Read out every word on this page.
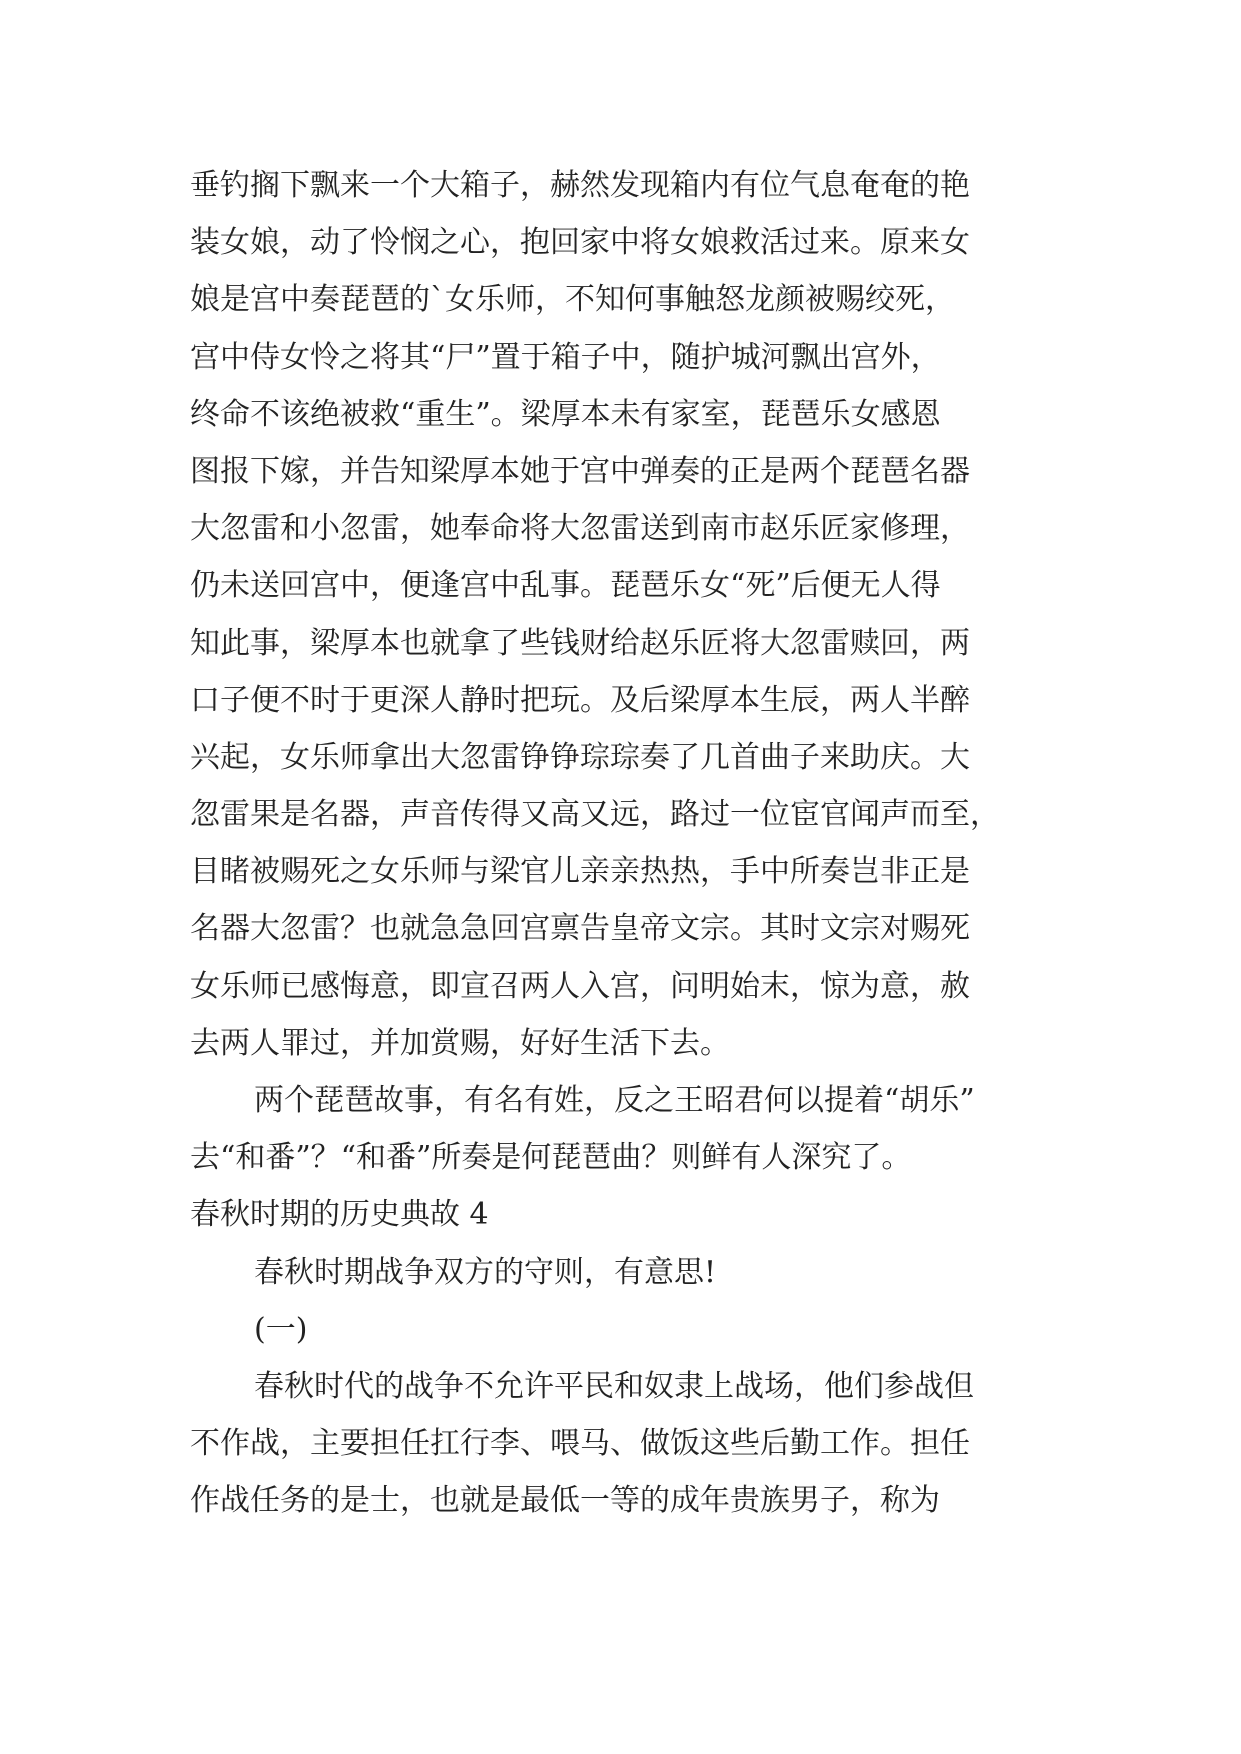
垂钓搁下飘来一个大箱子，赫然发现箱内有位气息奄奄的艳
装女娘，动了怜悯之心，抱回家中将女娘救活过来。原来女
娘是宫中奏琵琶的`女乐师，不知何事触怒龙颜被赐绞死，
宫中侍女怜之将其“尸”置于箱子中，随护城河飘出宫外，
终命不该绝被救“重生”。梁厚本未有家室，琵琶乐女感恩
图报下嫁，并告知梁厚本她于宫中弹奏的正是两个琵琶名器
大忽雷和小忽雷，她奉命将大忽雷送到南市赵乐匠家修理，
仍未送回宫中，便逢宫中乱事。琵琶乐女“死”后便无人得
知此事，梁厚本也就拿了些钱财给赵乐匠将大忽雷赎回，两
口子便不时于更深人静时把玩。及后梁厚本生辰，两人半醉
兴起，女乐师拿出大忽雷铮铮琮琮奏了几首曲子来助庆。大
忽雷果是名器，声音传得又高又远，路过一位宦官闻声而至，
目睹被赐死之女乐师与梁官儿亲亲热热，手中所奏岂非正是
名器大忽雷？也就急急回宫禀告皇帝文宗。其时文宗对赐死
女乐师已感悔意，即宣召两人入宫，问明始末，惊为意，赦
去两人罪过，并加赏赐，好好生活下去。
两个琵琶故事，有名有姓，反之王昭君何以提着“胡乐”
去“和番”？“和番”所奏是何琵琶曲？则鲜有人深究了。
春秋时期的历史典故 4
春秋时期战争双方的守则，有意思!
(一)
春秋时代的战争不允许平民和奴隶上战场，他们参战但
不作战，主要担任扛行李、喂马、做饭这些后勤工作。担任
作战任务的是士，也就是最低一等的成年贵族男子，称为
